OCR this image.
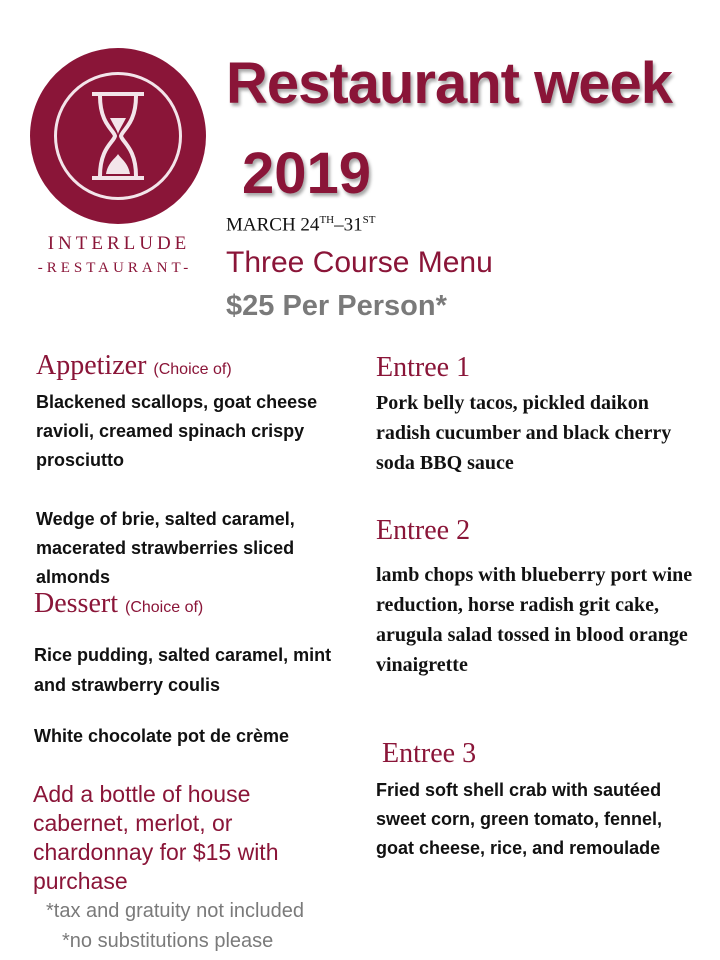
INTERLUDE
-RESTAURANT-
Restaurant week
2019
MARCH 24TH–31ST
Three Course Menu
$25 Per Person*
Appetizer (Choice of)
Blackened scallops, goat cheese ravioli, creamed spinach crispy prosciutto
Wedge of brie, salted caramel, macerated strawberries sliced almonds
Dessert (Choice of)
Rice pudding, salted caramel, mint and strawberry coulis
White chocolate pot de crème
Add a bottle of house cabernet, merlot, or chardonnay for $15 with purchase
*tax and gratuity not included
*no substitutions please
Entree 1
Pork belly tacos, pickled daikon radish cucumber and black cherry soda BBQ sauce
Entree 2
lamb chops with blueberry port wine reduction, horse radish grit cake, arugula salad tossed in blood orange vinaigrette
Entree 3
Fried soft shell crab with sautéed sweet corn, green tomato, fennel, goat cheese, rice, and remoulade
